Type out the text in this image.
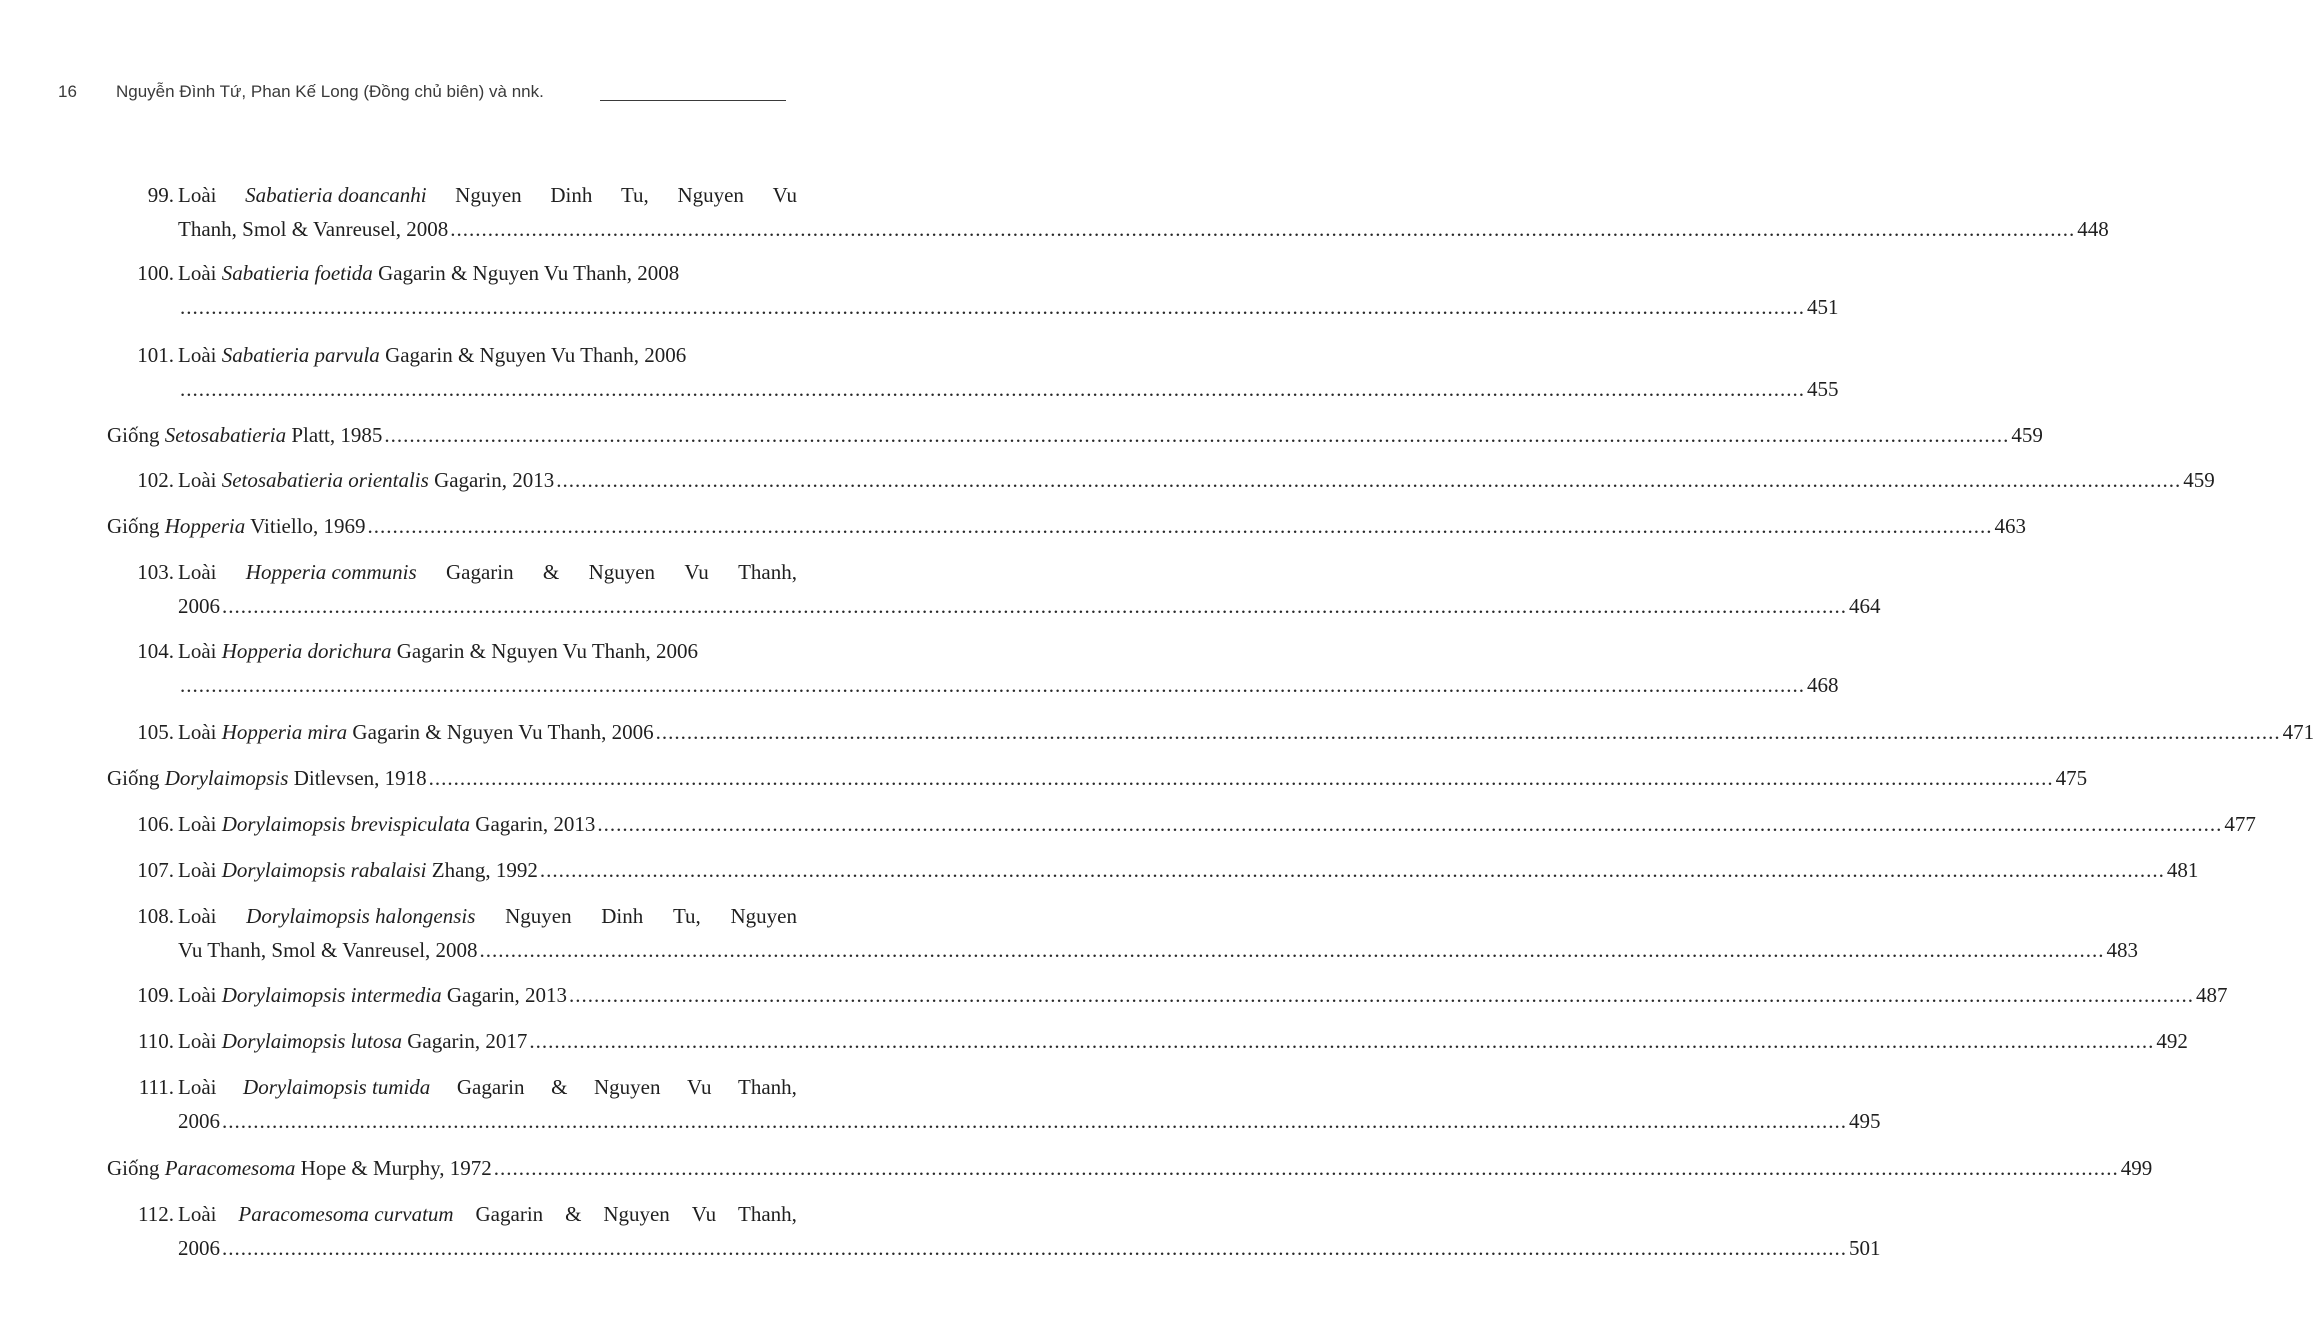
16 Nguyễn Đình Tứ, Phan Kế Long (Đồng chủ biên) và nnk.
99. Loài Sabatieria doancanhi Nguyen Dinh Tu, Nguyen Vu
Thanh, Smol & Vanreusel, 2008 .................................................................................................................................................................................................................................................................... 448
100. Loài Sabatieria foetida Gagarin & Nguyen Vu Thanh, 2008
.................................................................................................................................................................................................................................................................... 451
101. Loài Sabatieria parvula Gagarin & Nguyen Vu Thanh, 2006
.................................................................................................................................................................................................................................................................... 455
Giống Setosabatieria Platt, 1985 .................................................................................................................................................................................................................................................................... 459
102. Loài Setosabatieria orientalis Gagarin, 2013 .................................................................................................................................................................................................................................................................... 459
Giống Hopperia Vitiello, 1969 .................................................................................................................................................................................................................................................................... 463
103. Loài Hopperia communis Gagarin & Nguyen Vu Thanh,
2006 .................................................................................................................................................................................................................................................................... 464
104. Loài Hopperia dorichura Gagarin & Nguyen Vu Thanh, 2006
.................................................................................................................................................................................................................................................................... 468
105. Loài Hopperia mira Gagarin & Nguyen Vu Thanh, 2006 .................................................................................................................................................................................................................................................................... 471
Giống Dorylaimopsis Ditlevsen, 1918 .................................................................................................................................................................................................................................................................... 475
106. Loài Dorylaimopsis brevispiculata Gagarin, 2013 .................................................................................................................................................................................................................................................................... 477
107. Loài Dorylaimopsis rabalaisi Zhang, 1992 .................................................................................................................................................................................................................................................................... 481
108. Loài Dorylaimopsis halongensis Nguyen Dinh Tu, Nguyen
Vu Thanh, Smol & Vanreusel, 2008 .................................................................................................................................................................................................................................................................... 483
109. Loài Dorylaimopsis intermedia Gagarin, 2013 .................................................................................................................................................................................................................................................................... 487
110. Loài Dorylaimopsis lutosa Gagarin, 2017 .................................................................................................................................................................................................................................................................... 492
111. Loài Dorylaimopsis tumida Gagarin & Nguyen Vu Thanh,
2006 .................................................................................................................................................................................................................................................................... 495
Giống Paracomesoma Hope & Murphy, 1972 .................................................................................................................................................................................................................................................................... 499
112. Loài Paracomesoma curvatum Gagarin & Nguyen Vu Thanh,
2006 .................................................................................................................................................................................................................................................................... 501
